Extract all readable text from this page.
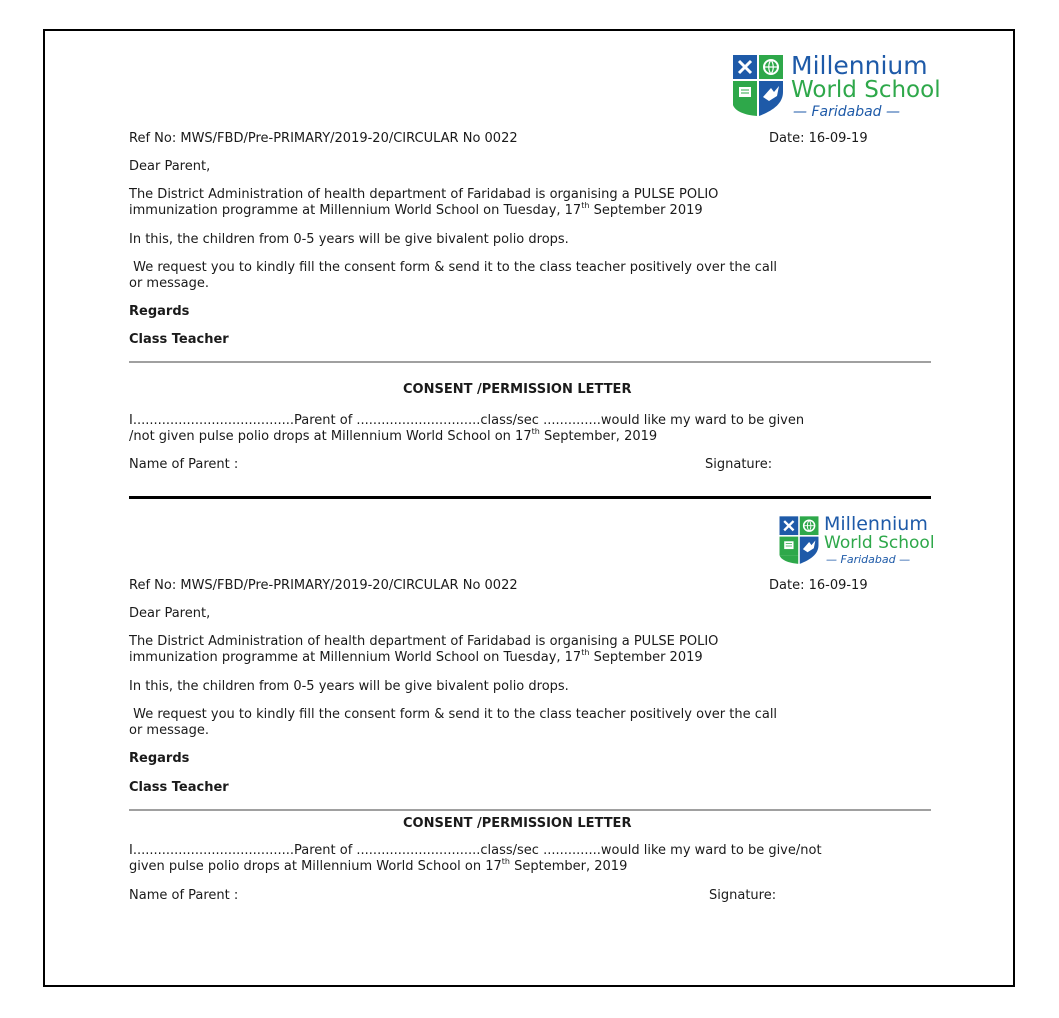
Millennium
World School
— Faridabad —
Ref No: MWS/FBD/Pre-PRIMARY/2019-20/CIRCULAR No 0022	Date: 16-09-19
Dear Parent,
The District Administration of health department of Faridabad is organising a PULSE POLIO
immunization programme at Millennium World School on Tuesday, 17th September 2019
In this, the children from 0-5 years will be give bivalent polio drops.
We request you to kindly fill the consent form & send it to the class teacher positively over the call
or message.
Regards
Class Teacher
CONSENT /PERMISSION LETTER
I.......................................Parent of ..............................class/sec ..............would like my ward to be given
/not given pulse polio drops at Millennium World School on 17th September, 2019
Name of Parent :	Signature:
Millennium
World School
— Faridabad —
Ref No: MWS/FBD/Pre-PRIMARY/2019-20/CIRCULAR No 0022	Date: 16-09-19
Dear Parent,
The District Administration of health department of Faridabad is organising a PULSE POLIO
immunization programme at Millennium World School on Tuesday, 17th September 2019
In this, the children from 0-5 years will be give bivalent polio drops.
We request you to kindly fill the consent form & send it to the class teacher positively over the call
or message.
Regards
Class Teacher
CONSENT /PERMISSION LETTER
I.......................................Parent of ..............................class/sec ..............would like my ward to be give/not
given pulse polio drops at Millennium World School on 17th September, 2019
Name of Parent :	Signature:
